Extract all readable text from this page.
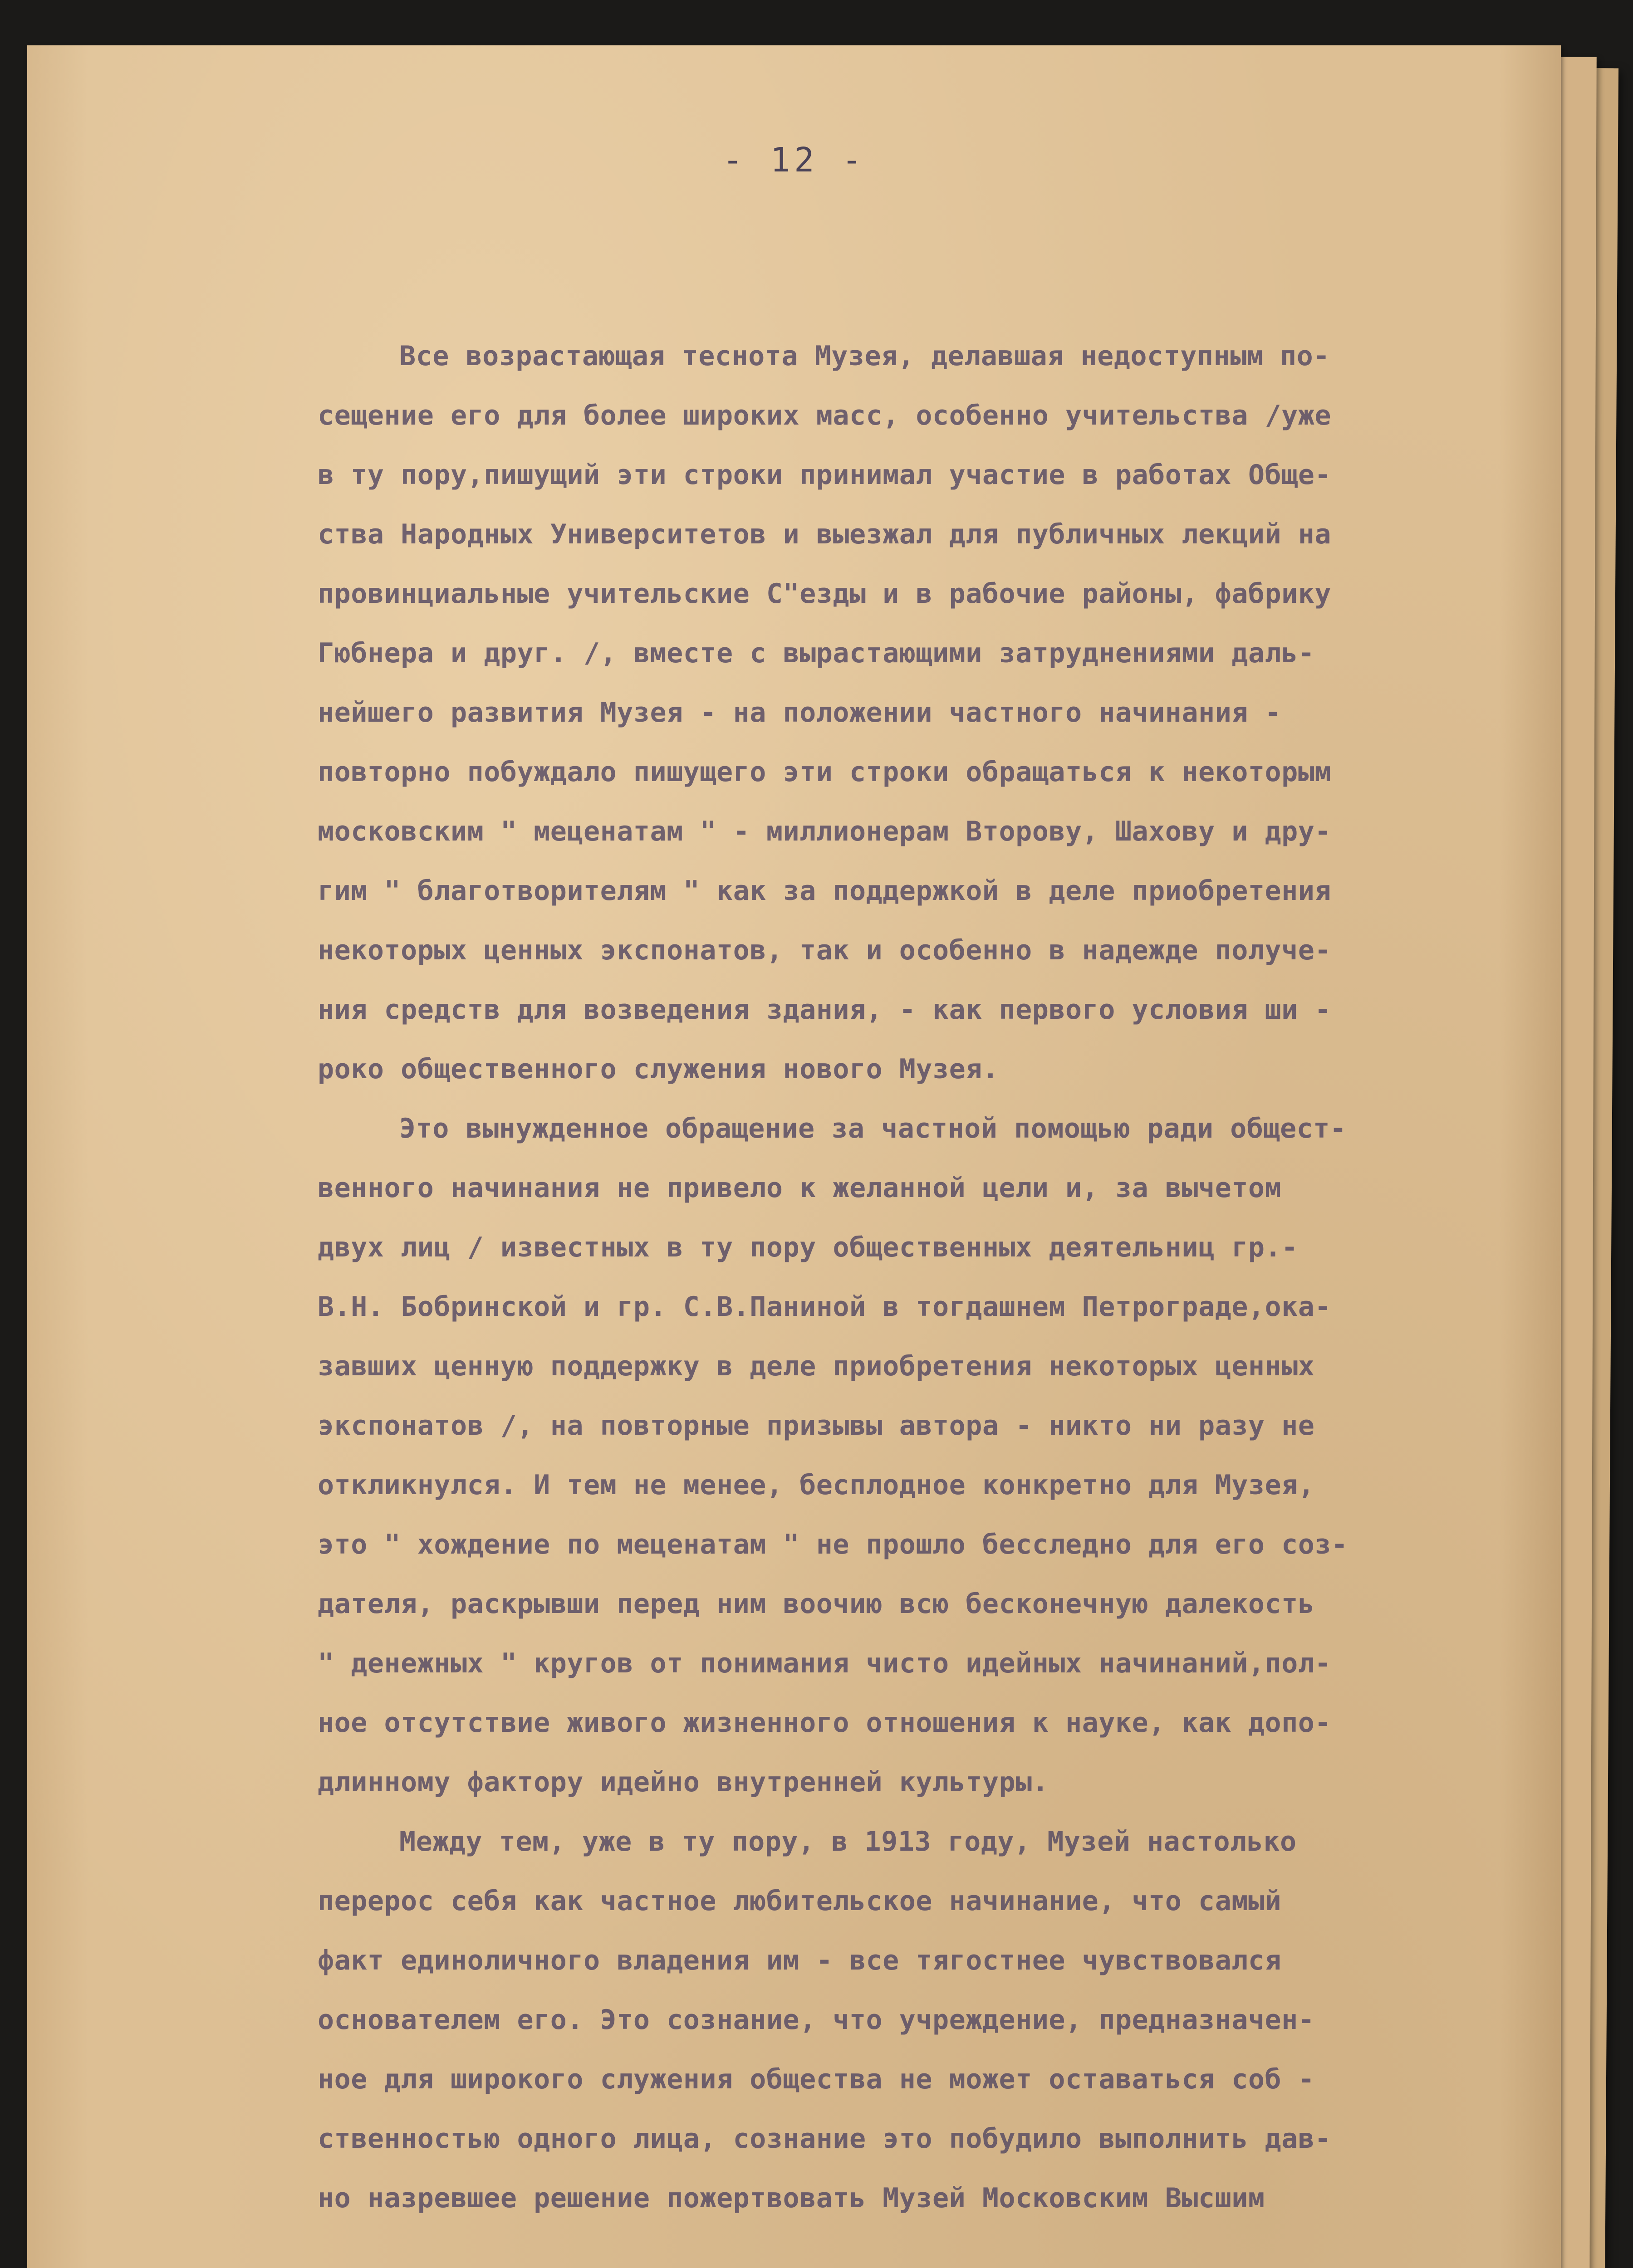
- 12 -
Все возрастающая теснота Музея, делавшая недоступным по-
сещение его для более широких масс, особенно учительства /уже
в ту пору,пишущий эти строки принимал участие в работах Обще-
ства Народных Университетов и выезжал для публичных лекций на
провинциальные учительские С"езды и в рабочие районы, фабрику
Гюбнера и друг. /, вместе с вырастающими затруднениями даль-
нейшего развития Музея - на положении частного начинания -
повторно побуждало пишущего эти строки обращаться к некоторым
московским " меценатам " - миллионерам Второву, Шахову и дру-
гим " благотворителям " как за поддержкой в деле приобретения
некоторых ценных экспонатов, так и особенно в надежде получе-
ния средств для возведения здания, - как первого условия ши -
роко общественного служения нового Музея.
Это вынужденное обращение за частной помощью ради общест-
венного начинания не привело к желанной цели и, за вычетом
двух лиц / известных в ту пору общественных деятельниц гр.-
В.Н. Бобринской и гр. С.В.Паниной в тогдашнем Петрограде,ока-
завших ценную поддержку в деле приобретения некоторых ценных
экспонатов /, на повторные призывы автора - никто ни разу не
откликнулся. И тем не менее, бесплодное конкретно для Музея,
это " хождение по меценатам " не прошло бесследно для его соз-
дателя, раскрывши перед ним воочию всю бесконечную далекость
" денежных " кругов от понимания чисто идейных начинаний,пол-
ное отсутствие живого жизненного отношения к науке, как допо-
длинному фактору идейно внутренней культуры.
Между тем, уже в ту пору, в 1913 году, Музей настолько
перерос себя как частное любительское начинание, что самый
факт единоличного владения им - все тягостнее чувствовался
основателем его. Это сознание, что учреждение, предназначен-
ное для широкого служения общества не может оставаться соб -
ственностью одного лица, сознание это побудило выполнить дав-
но назревшее решение пожертвовать Музей Московским Высшим
